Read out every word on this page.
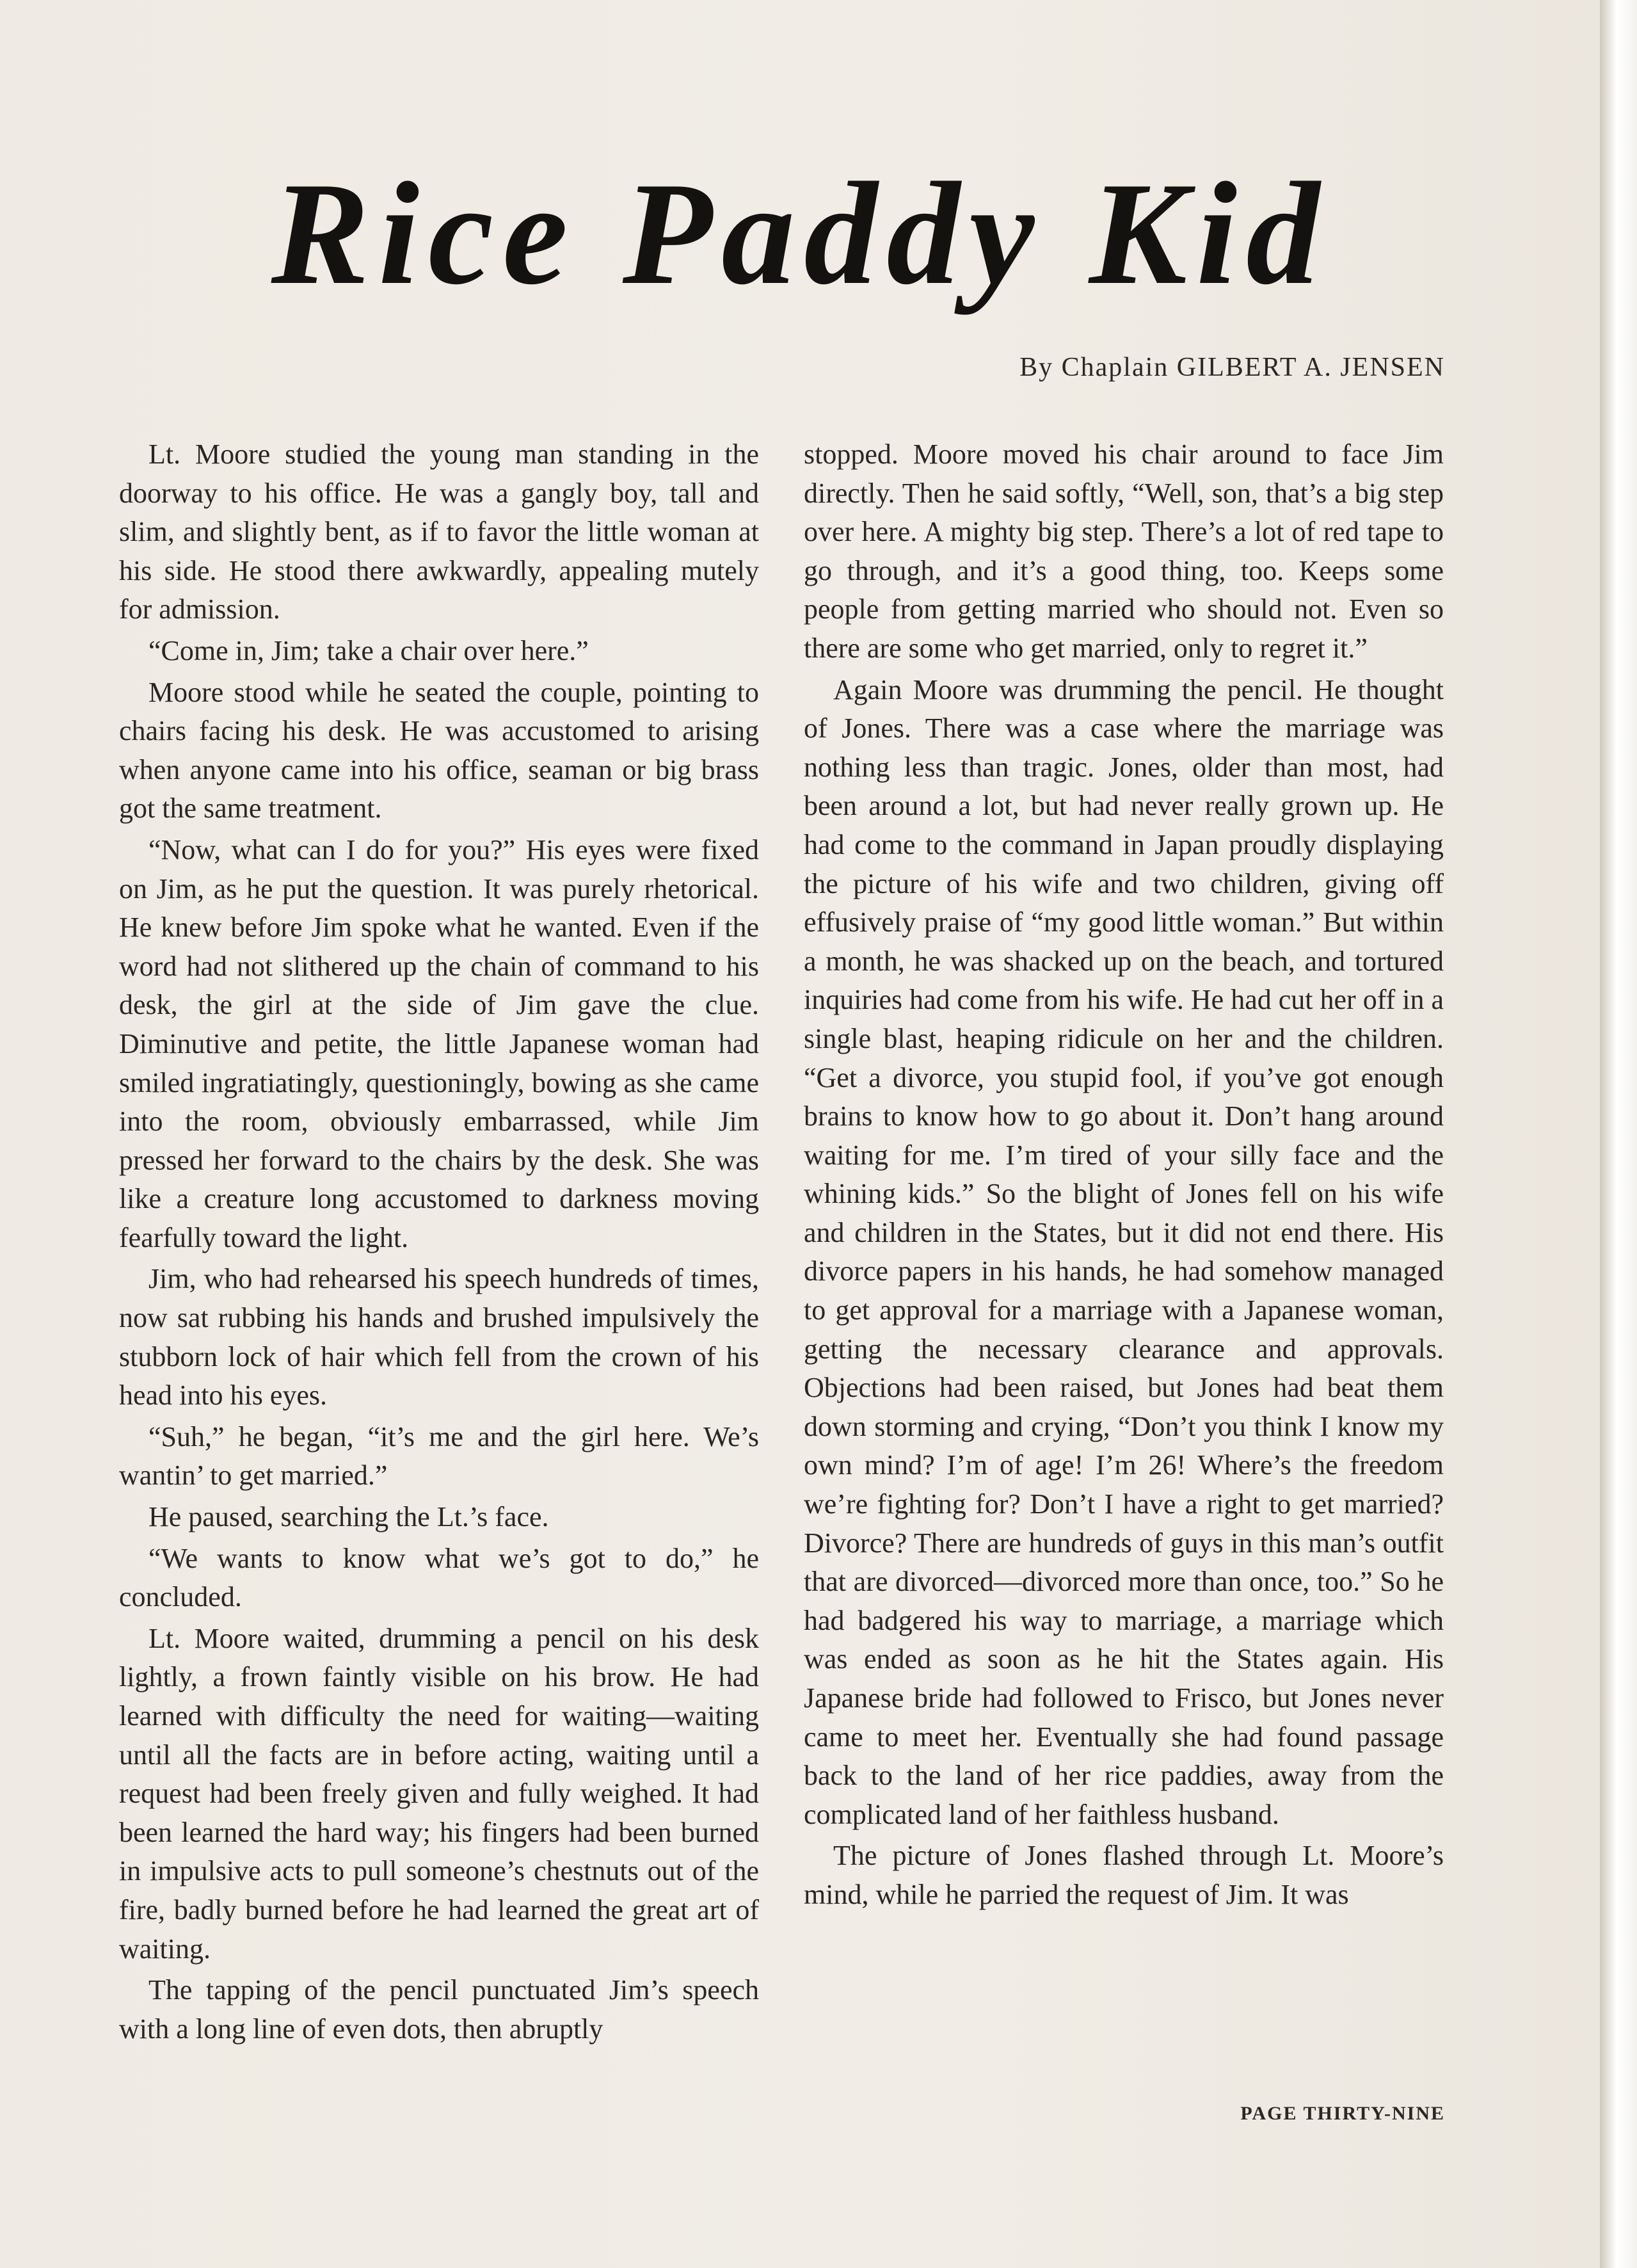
Rice Paddy Kid

By Chaplain GILBERT A. JENSEN

Lt. Moore studied the young man standing in the doorway to his office. He was a gangly boy, tall and slim, and slightly bent, as if to favor the little woman at his side. He stood there awkwardly, appealing mutely for admission.

“Come in, Jim; take a chair over here.”

Moore stood while he seated the couple, pointing to chairs facing his desk. He was accustomed to arising when anyone came into his office, seaman or big brass got the same treatment.

“Now, what can I do for you?” His eyes were fixed on Jim, as he put the question. It was purely rhetorical. He knew before Jim spoke what he wanted. Even if the word had not slithered up the chain of command to his desk, the girl at the side of Jim gave the clue. Diminutive and petite, the little Japanese woman had smiled ingratiatingly, questioningly, bowing as she came into the room, obviously embarrassed, while Jim pressed her forward to the chairs by the desk. She was like a creature long accustomed to darkness moving fearfully toward the light.

Jim, who had rehearsed his speech hundreds of times, now sat rubbing his hands and brushed impulsively the stubborn lock of hair which fell from the crown of his head into his eyes.

“Suh,” he began, “it’s me and the girl here. We’s wantin’ to get married.”

He paused, searching the Lt.’s face.

“We wants to know what we’s got to do,” he concluded.

Lt. Moore waited, drumming a pencil on his desk lightly, a frown faintly visible on his brow. He had learned with difficulty the need for waiting—waiting until all the facts are in before acting, waiting until a request had been freely given and fully weighed. It had been learned the hard way; his fingers had been burned in impulsive acts to pull someone’s chestnuts out of the fire, badly burned before he had learned the great art of waiting.

The tapping of the pencil punctuated Jim’s speech with a long line of even dots, then abruptly

stopped. Moore moved his chair around to face Jim directly. Then he said softly, “Well, son, that’s a big step over here. A mighty big step. There’s a lot of red tape to go through, and it’s a good thing, too. Keeps some people from getting married who should not. Even so there are some who get married, only to regret it.”

Again Moore was drumming the pencil. He thought of Jones. There was a case where the marriage was nothing less than tragic. Jones, older than most, had been around a lot, but had never really grown up. He had come to the command in Japan proudly displaying the picture of his wife and two children, giving off effusively praise of “my good little woman.” But within a month, he was shacked up on the beach, and tortured inquiries had come from his wife. He had cut her off in a single blast, heaping ridicule on her and the children. “Get a divorce, you stupid fool, if you’ve got enough brains to know how to go about it. Don’t hang around waiting for me. I’m tired of your silly face and the whining kids.” So the blight of Jones fell on his wife and children in the States, but it did not end there. His divorce papers in his hands, he had somehow managed to get approval for a marriage with a Japanese woman, getting the necessary clearance and approvals. Objections had been raised, but Jones had beat them down storming and crying, “Don’t you think I know my own mind? I’m of age! I’m 26! Where’s the freedom we’re fighting for? Don’t I have a right to get married? Divorce? There are hundreds of guys in this man’s outfit that are divorced—divorced more than once, too.” So he had badgered his way to marriage, a marriage which was ended as soon as he hit the States again. His Japanese bride had followed to Frisco, but Jones never came to meet her. Eventually she had found passage back to the land of her rice paddies, away from the complicated land of her faithless husband.

The picture of Jones flashed through Lt. Moore’s mind, while he parried the request of Jim. It was

PAGE THIRTY-NINE
